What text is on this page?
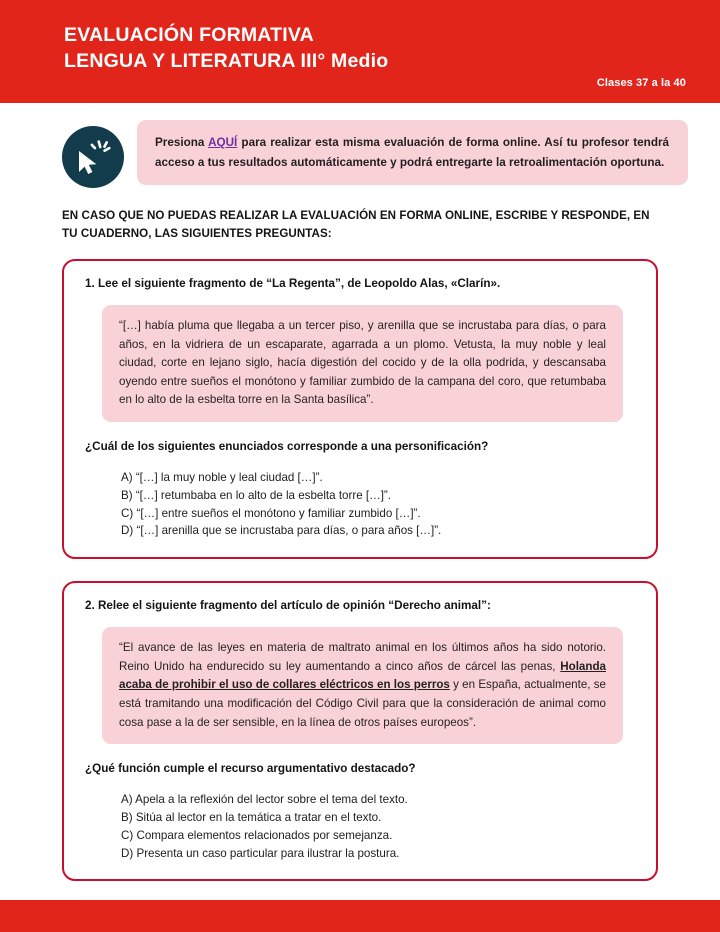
EVALUACIÓN FORMATIVA
LENGUA Y LITERATURA III° Medio
Clases 37 a la 40
Presiona AQUÍ para realizar esta misma evaluación de forma online. Así tu profesor tendrá acceso a tus resultados automáticamente y podrá entregarte la retroalimentación oportuna.
EN CASO QUE NO PUEDAS REALIZAR LA EVALUACIÓN EN FORMA ONLINE, ESCRIBE Y RESPONDE, EN TU CUADERNO, LAS SIGUIENTES PREGUNTAS:
1. Lee el siguiente fragmento de “La Regenta”, de Leopoldo Alas, «Clarín».
“[…] había pluma que llegaba a un tercer piso, y arenilla que se incrustaba para días, o para años, en la vidriera de un escaparate, agarrada a un plomo. Vetusta, la muy noble y leal ciudad, corte en lejano siglo, hacía digestión del cocido y de la olla podrida, y descansaba oyendo entre sueños el monótono y familiar zumbido de la campana del coro, que retumbaba en lo alto de la esbelta torre en la Santa basílica”.
¿Cuál de los siguientes enunciados corresponde a una personificación?
A) “[…] la muy noble y leal ciudad […]”.
B) “[…] retumbaba en lo alto de la esbelta torre […]”.
C) “[…] entre sueños el monótono y familiar zumbido […]”.
D) “[…] arenilla que se incrustaba para días, o para años […]”.
2. Relee el siguiente fragmento del artículo de opinión “Derecho animal”:
“El avance de las leyes en materia de maltrato animal en los últimos años ha sido notorio. Reino Unido ha endurecido su ley aumentando a cinco años de cárcel las penas, Holanda acaba de prohibir el uso de collares eléctricos en los perros y en España, actualmente, se está tramitando una modificación del Código Civil para que la consideración de animal como cosa pase a la de ser sensible, en la línea de otros países europeos”.
¿Qué función cumple el recurso argumentativo destacado?
A) Apela a la reflexión del lector sobre el tema del texto.
B) Sitúa al lector en la temática a tratar en el texto.
C) Compara elementos relacionados por semejanza.
D) Presenta un caso particular para ilustrar la postura.
